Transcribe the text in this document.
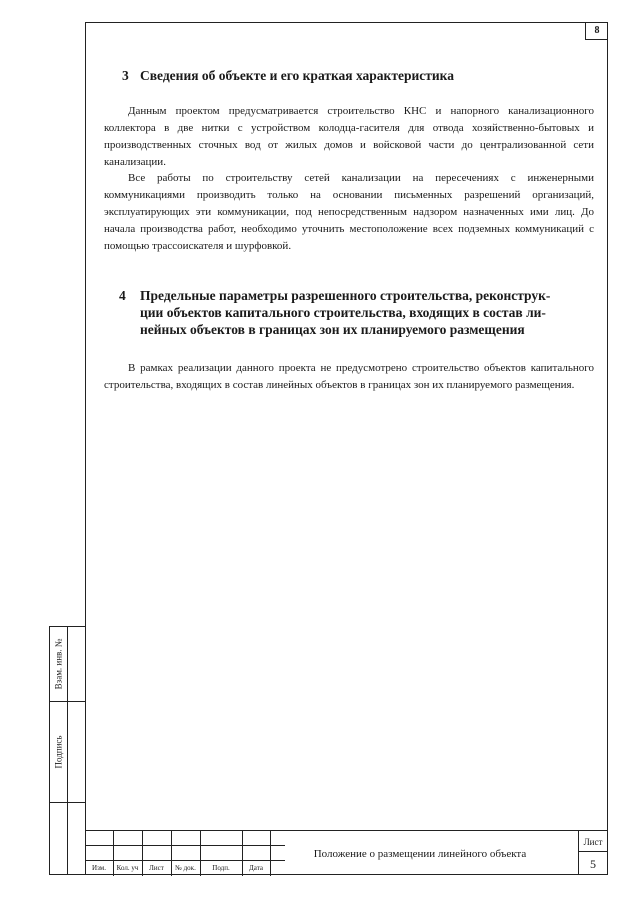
8
Взам. инв. №
Подпись
3 Сведения об объекте и его краткая характеристика

Данным проектом предусматривается строительство КНС и напорного канализационного коллектора в две нитки с устройством колодца-гасителя для отвода хозяйственно-бытовых и производственных сточных вод от жилых домов и войсковой части до централизованной сети канализации.

Все работы по строительству сетей канализации на пересечениях с инженерными коммуникациями производить только на основании письменных разрешений организаций, эксплуатирующих эти коммуникации, под непосредственным надзором назначенных ими лиц. До начала производства работ, необходимо уточнить местоположение всех подземных коммуникаций с помощью трассоискателя и шурфовкой.

4 Предельные параметры разрешенного строительства, реконструк-
ции объектов капитального строительства, входящих в состав ли-
нейных объектов в границах зон их планируемого размещения

В рамках реализации данного проекта не предусмотрено строительство объектов капитального строительства, входящих в состав линейных объектов в границах зон их планируемого размещения.

Изм.	Кол. уч	Лист	№ док.	Подп.	Дата
Положение о размещении линейного объекта
Лист
5
